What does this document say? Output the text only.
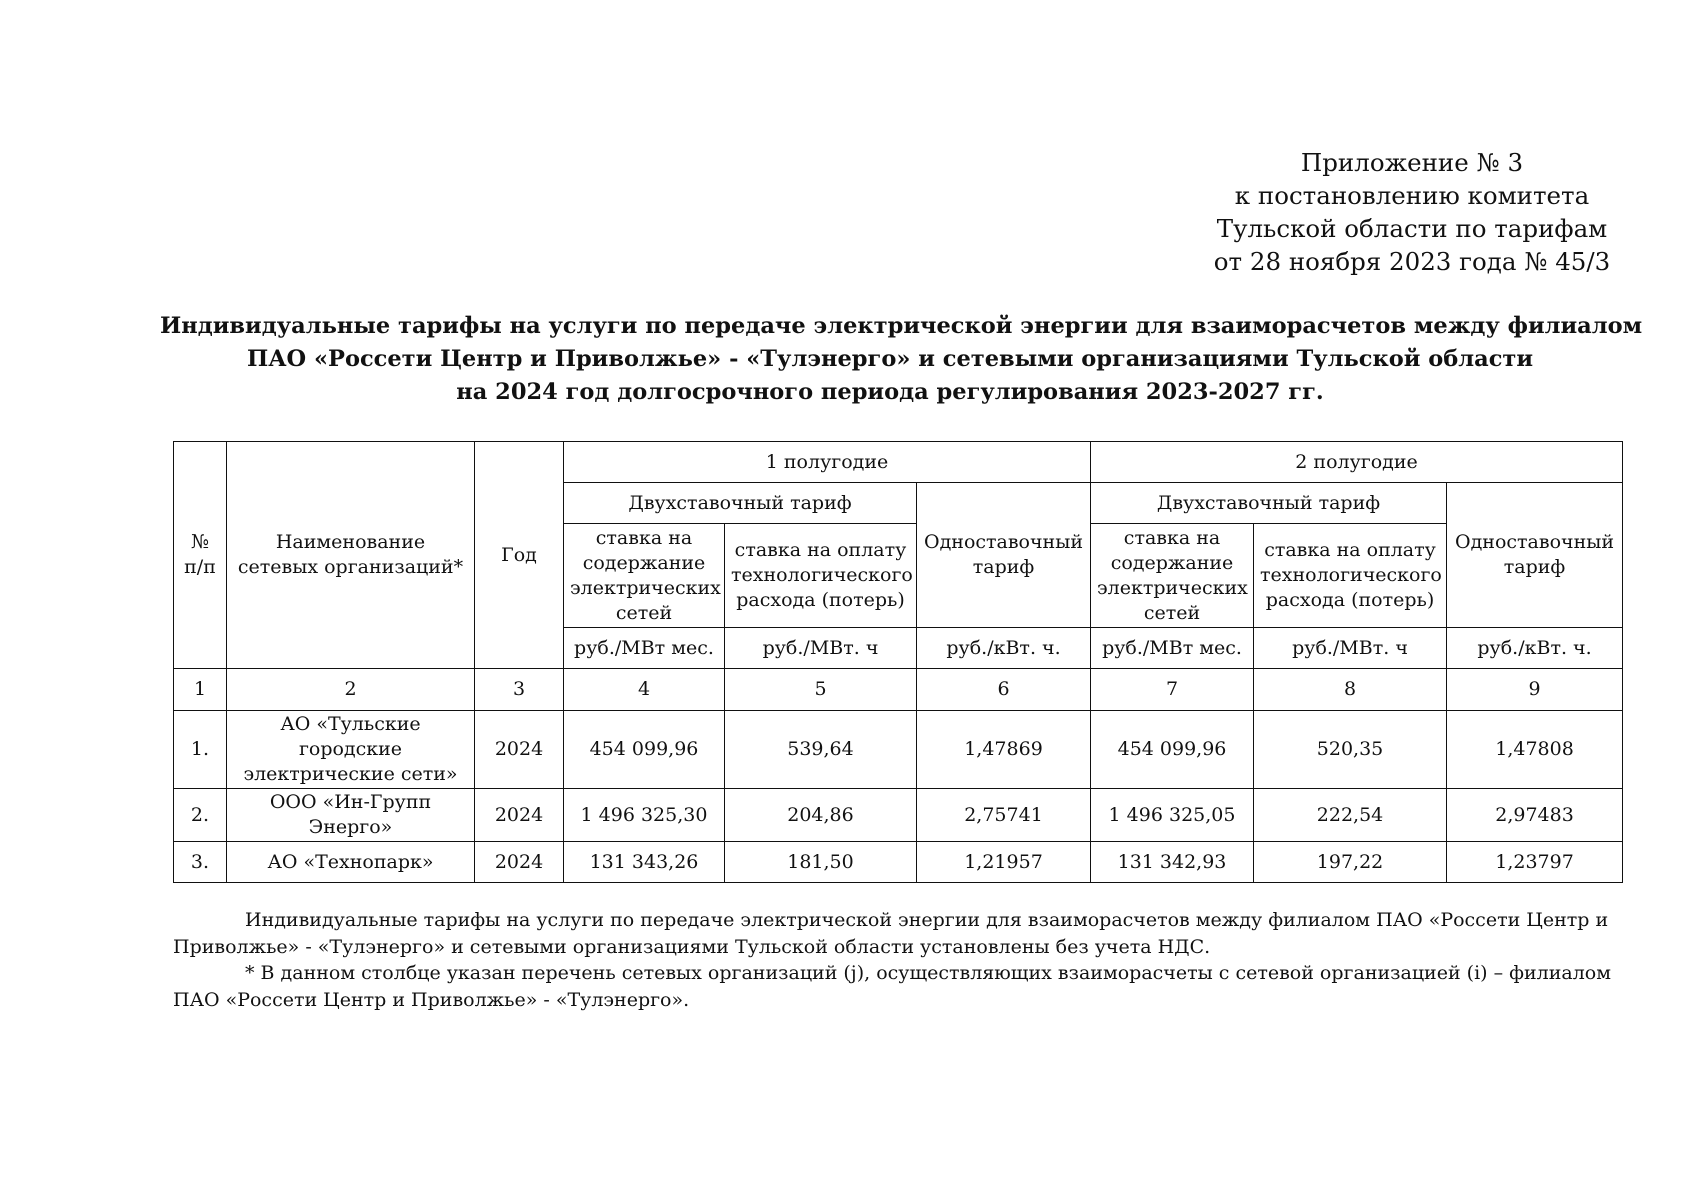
Приложение № 3
к постановлению комитета
Тульской области по тарифам
от 28 ноября 2023 года № 45/3
Индивидуальные тарифы на услуги по передаче электрической энергии для взаиморасчетов между филиалом
ПАО «Россети Центр и Приволжье» - «Тулэнерго» и сетевыми организациями Тульской области
на 2024 год долгосрочного периода регулирования 2023-2027 гг.
№ п/п	Наименование сетевых организаций*	Год	1 полугодие			2 полугодие		
			Двухставочный тариф		Одноставочный тариф	Двухставочный тариф		Одноставочный тариф
			ставка на содержание электрических сетей	ставка на оплату технологического расхода (потерь)		ставка на содержание электрических сетей	ставка на оплату технологического расхода (потерь)	
			руб./МВт мес.	руб./МВт. ч	руб./кВт. ч.	руб./МВт мес.	руб./МВт. ч	руб./кВт. ч.
1	2	3	4	5	6	7	8	9
1.	АО «Тульские городские электрические сети»	2024	454 099,96	539,64	1,47869	454 099,96	520,35	1,47808
2.	ООО «Ин-Групп Энерго»	2024	1 496 325,30	204,86	2,75741	1 496 325,05	222,54	2,97483
3.	АО «Технопарк»	2024	131 343,26	181,50	1,21957	131 342,93	197,22	1,23797

Индивидуальные тарифы на услуги по передаче электрической энергии для взаиморасчетов между филиалом ПАО «Россети Центр и Приволжье» - «Тулэнерго» и сетевыми организациями Тульской области установлены без учета НДС.

* В данном столбце указан перечень сетевых организаций (j), осуществляющих взаиморасчеты с сетевой организацией (i) – филиалом ПАО «Россети Центр и Приволжье» - «Тулэнерго».
